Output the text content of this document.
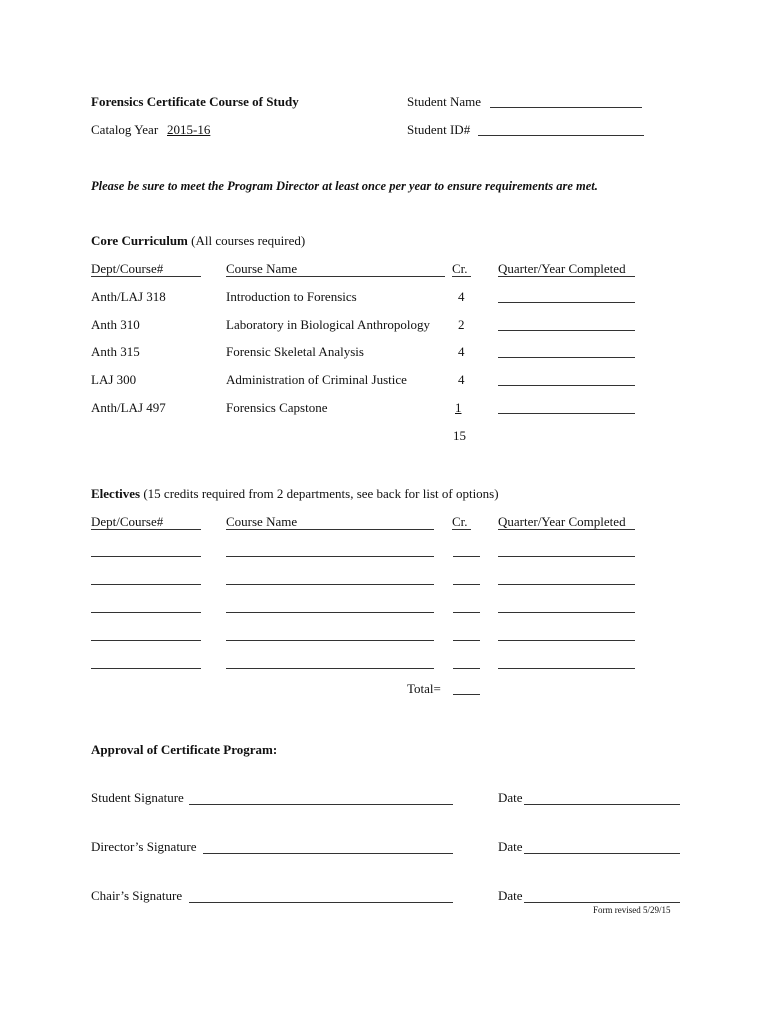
Forensics Certificate Course of Study	Student Name
Catalog Year 2015-16	Student ID#
Please be sure to meet the Program Director at least once per year to ensure requirements are met.
Core Curriculum (All courses required)
Dept/Course#	Course Name	Cr. Quarter/Year Completed
Anth/LAJ 318	Introduction to Forensics	4
Anth 310	Laboratory in Biological Anthropology 2
Anth 315	Forensic Skeletal Analysis	4
LAJ 300	Administration of Criminal Justice	4
Anth/LAJ 497	Forensics Capstone	1
15
Electives (15 credits required from 2 departments, see back for list of options)
Dept/Course#	Course Name	Cr. Quarter/Year Completed
Total=
Approval of Certificate Program:
Student Signature	Date
Director’s Signature	Date
Chair’s Signature	Date
Form revised 5/29/15
